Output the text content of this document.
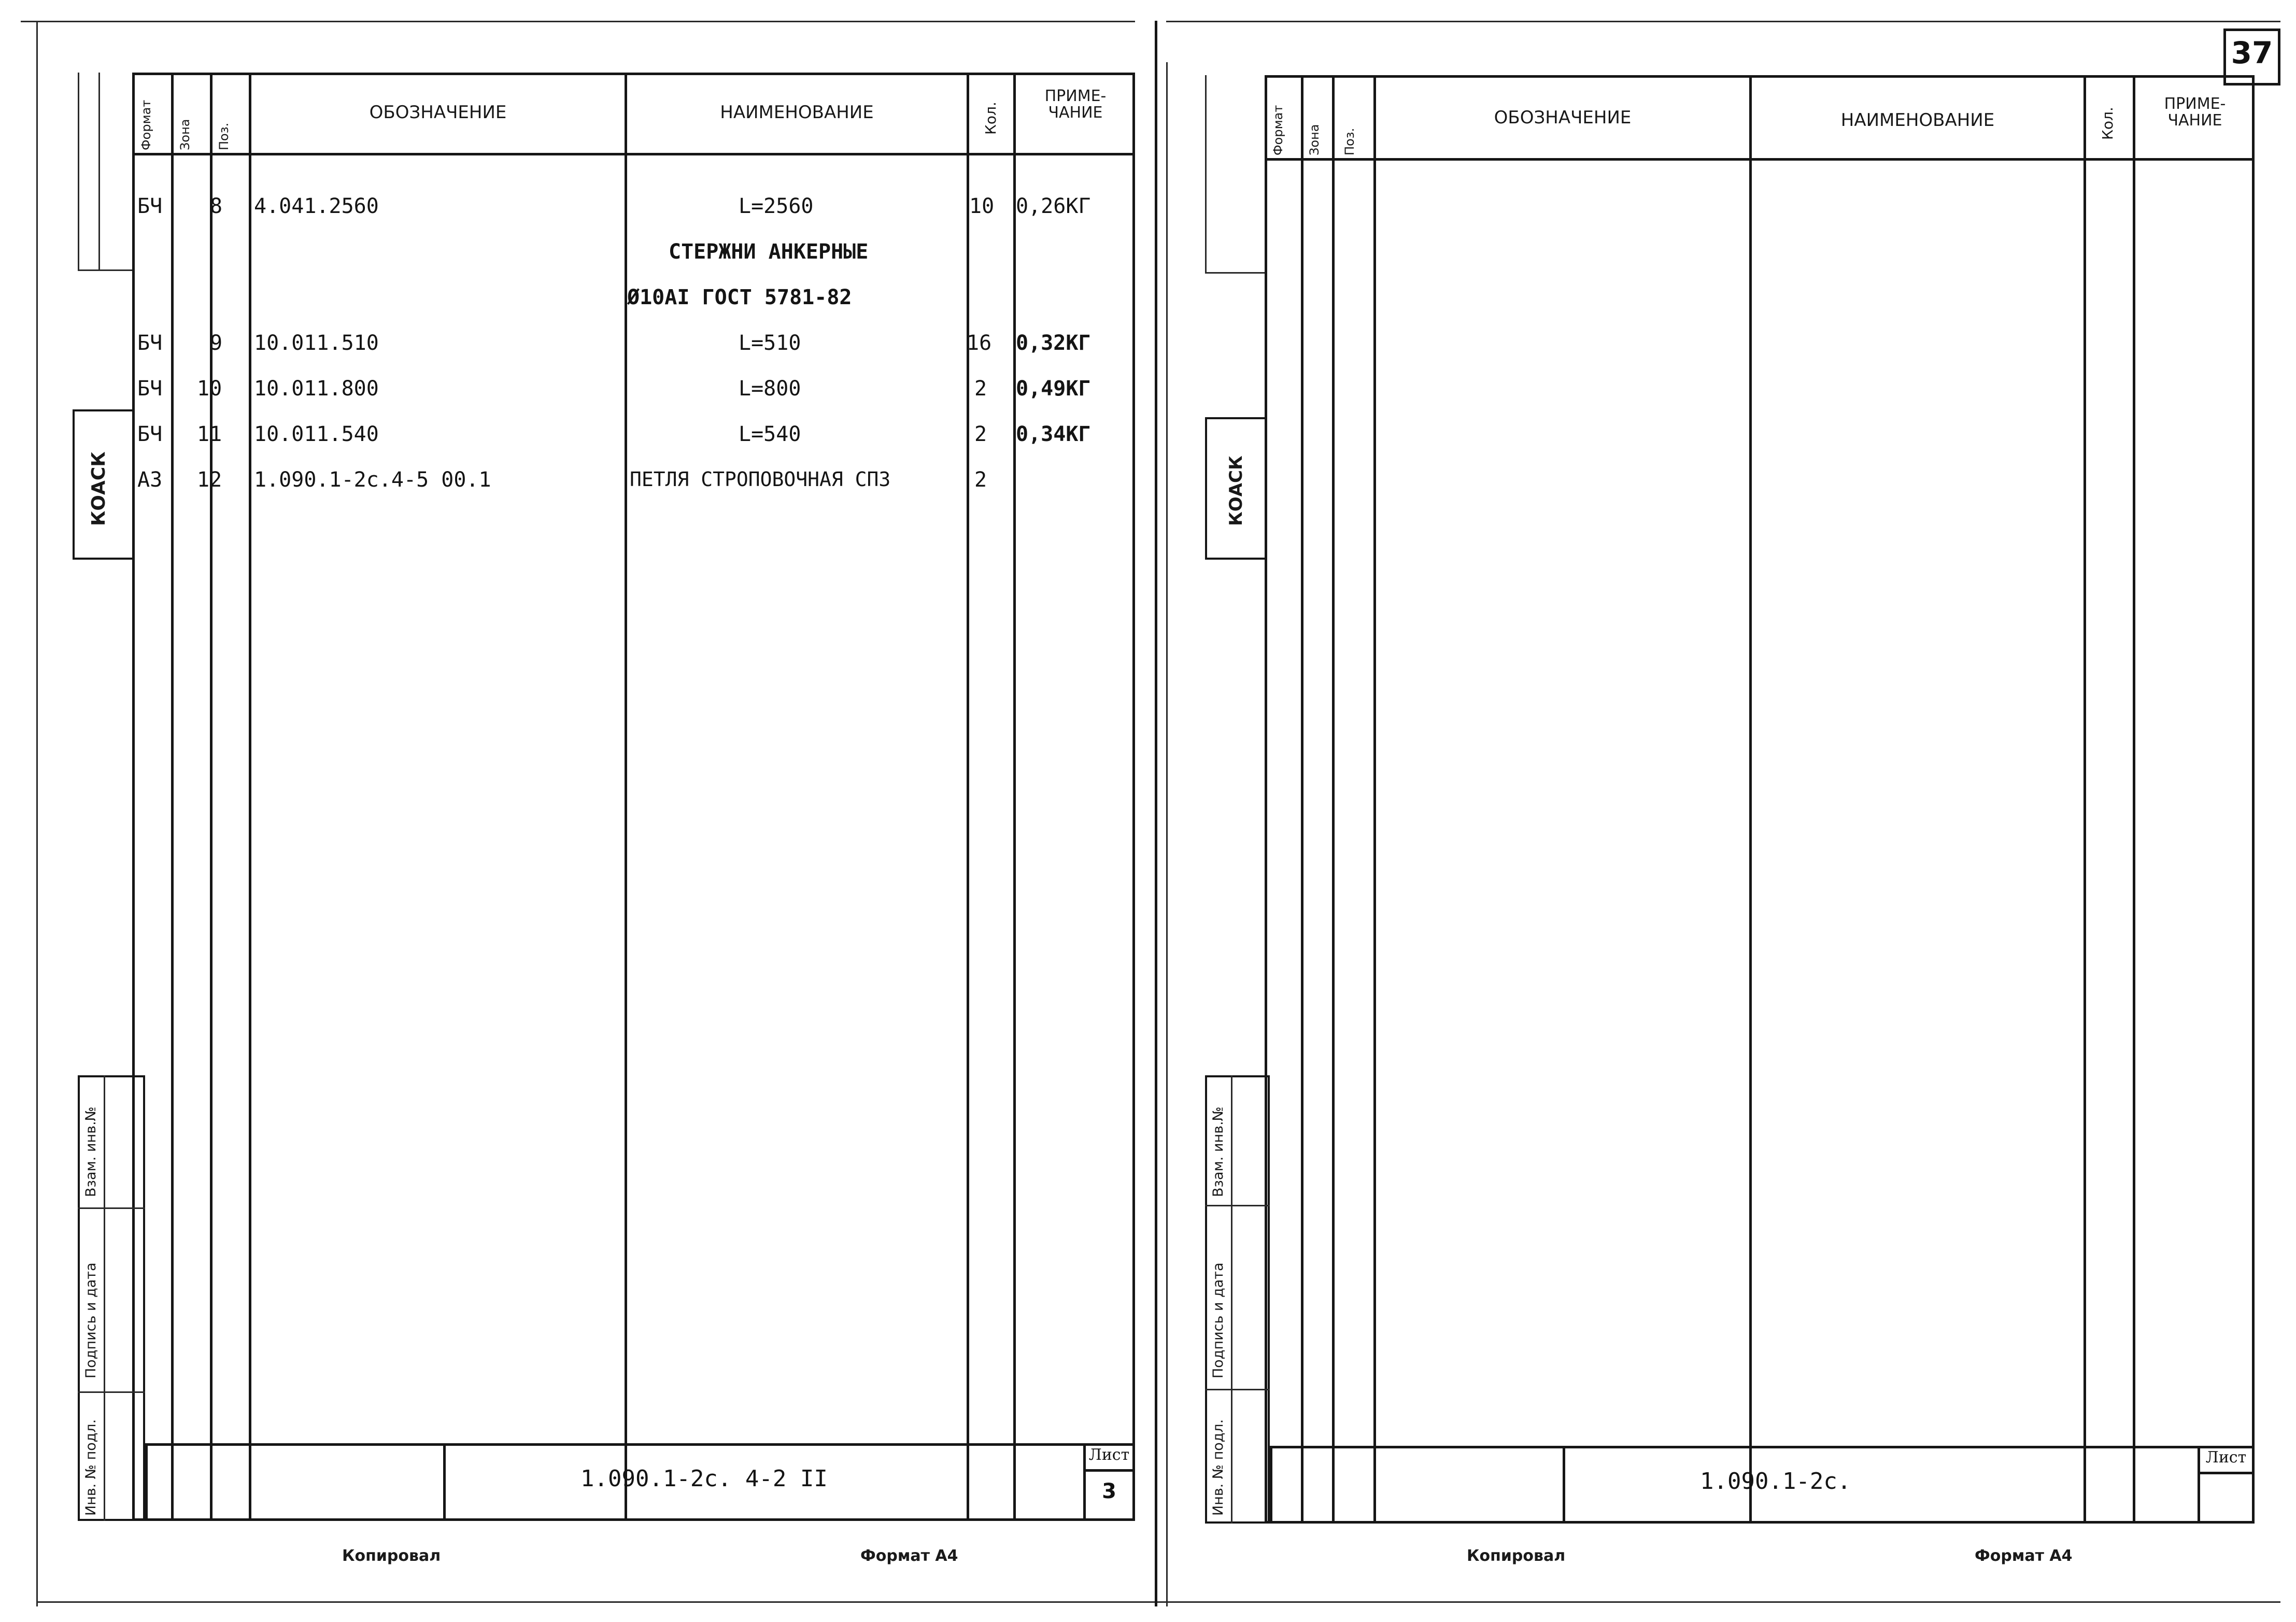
37
Формат Зона Поз.
ОБОЗНАЧЕНИЕ	НАИМЕНОВАНИЕ	Кол.
ПРИМЕ-ЧАНИЕ
БЧ 8 4.041.2560	L=2560	10 0,26КГ
СТЕРЖНИ АНКЕРНЫЕ
Ø10АI ГОСТ 5781-82
БЧ 9 10.011.510	L=510	16 0,32КГ
БЧ 10 10.011.800	L=800	2 0,49КГ
БЧ 11 10.011.540	L=540	2 0,34КГ
А3 12 1.090.1-2с.4-5 00.1	ПЕТЛЯ СТРОПОВОЧНАЯ СП3	2
КОАСК
Взам. инв.№
Подпись и дата
Инв. № подл.	1.090.1-2с. 4-2 II
Лист
3
Копировал	Формат А4
Формат Зона Поз.
ОБОЗНАЧЕНИЕ	НАИМЕНОВАНИЕ	Кол.
ПРИМЕ-ЧАНИЕ
КОАСК
Взам. инв.№
Подпись и дата
Инв. № подл.	1.090.1-2с.
Лист
Копировал	Формат А4
